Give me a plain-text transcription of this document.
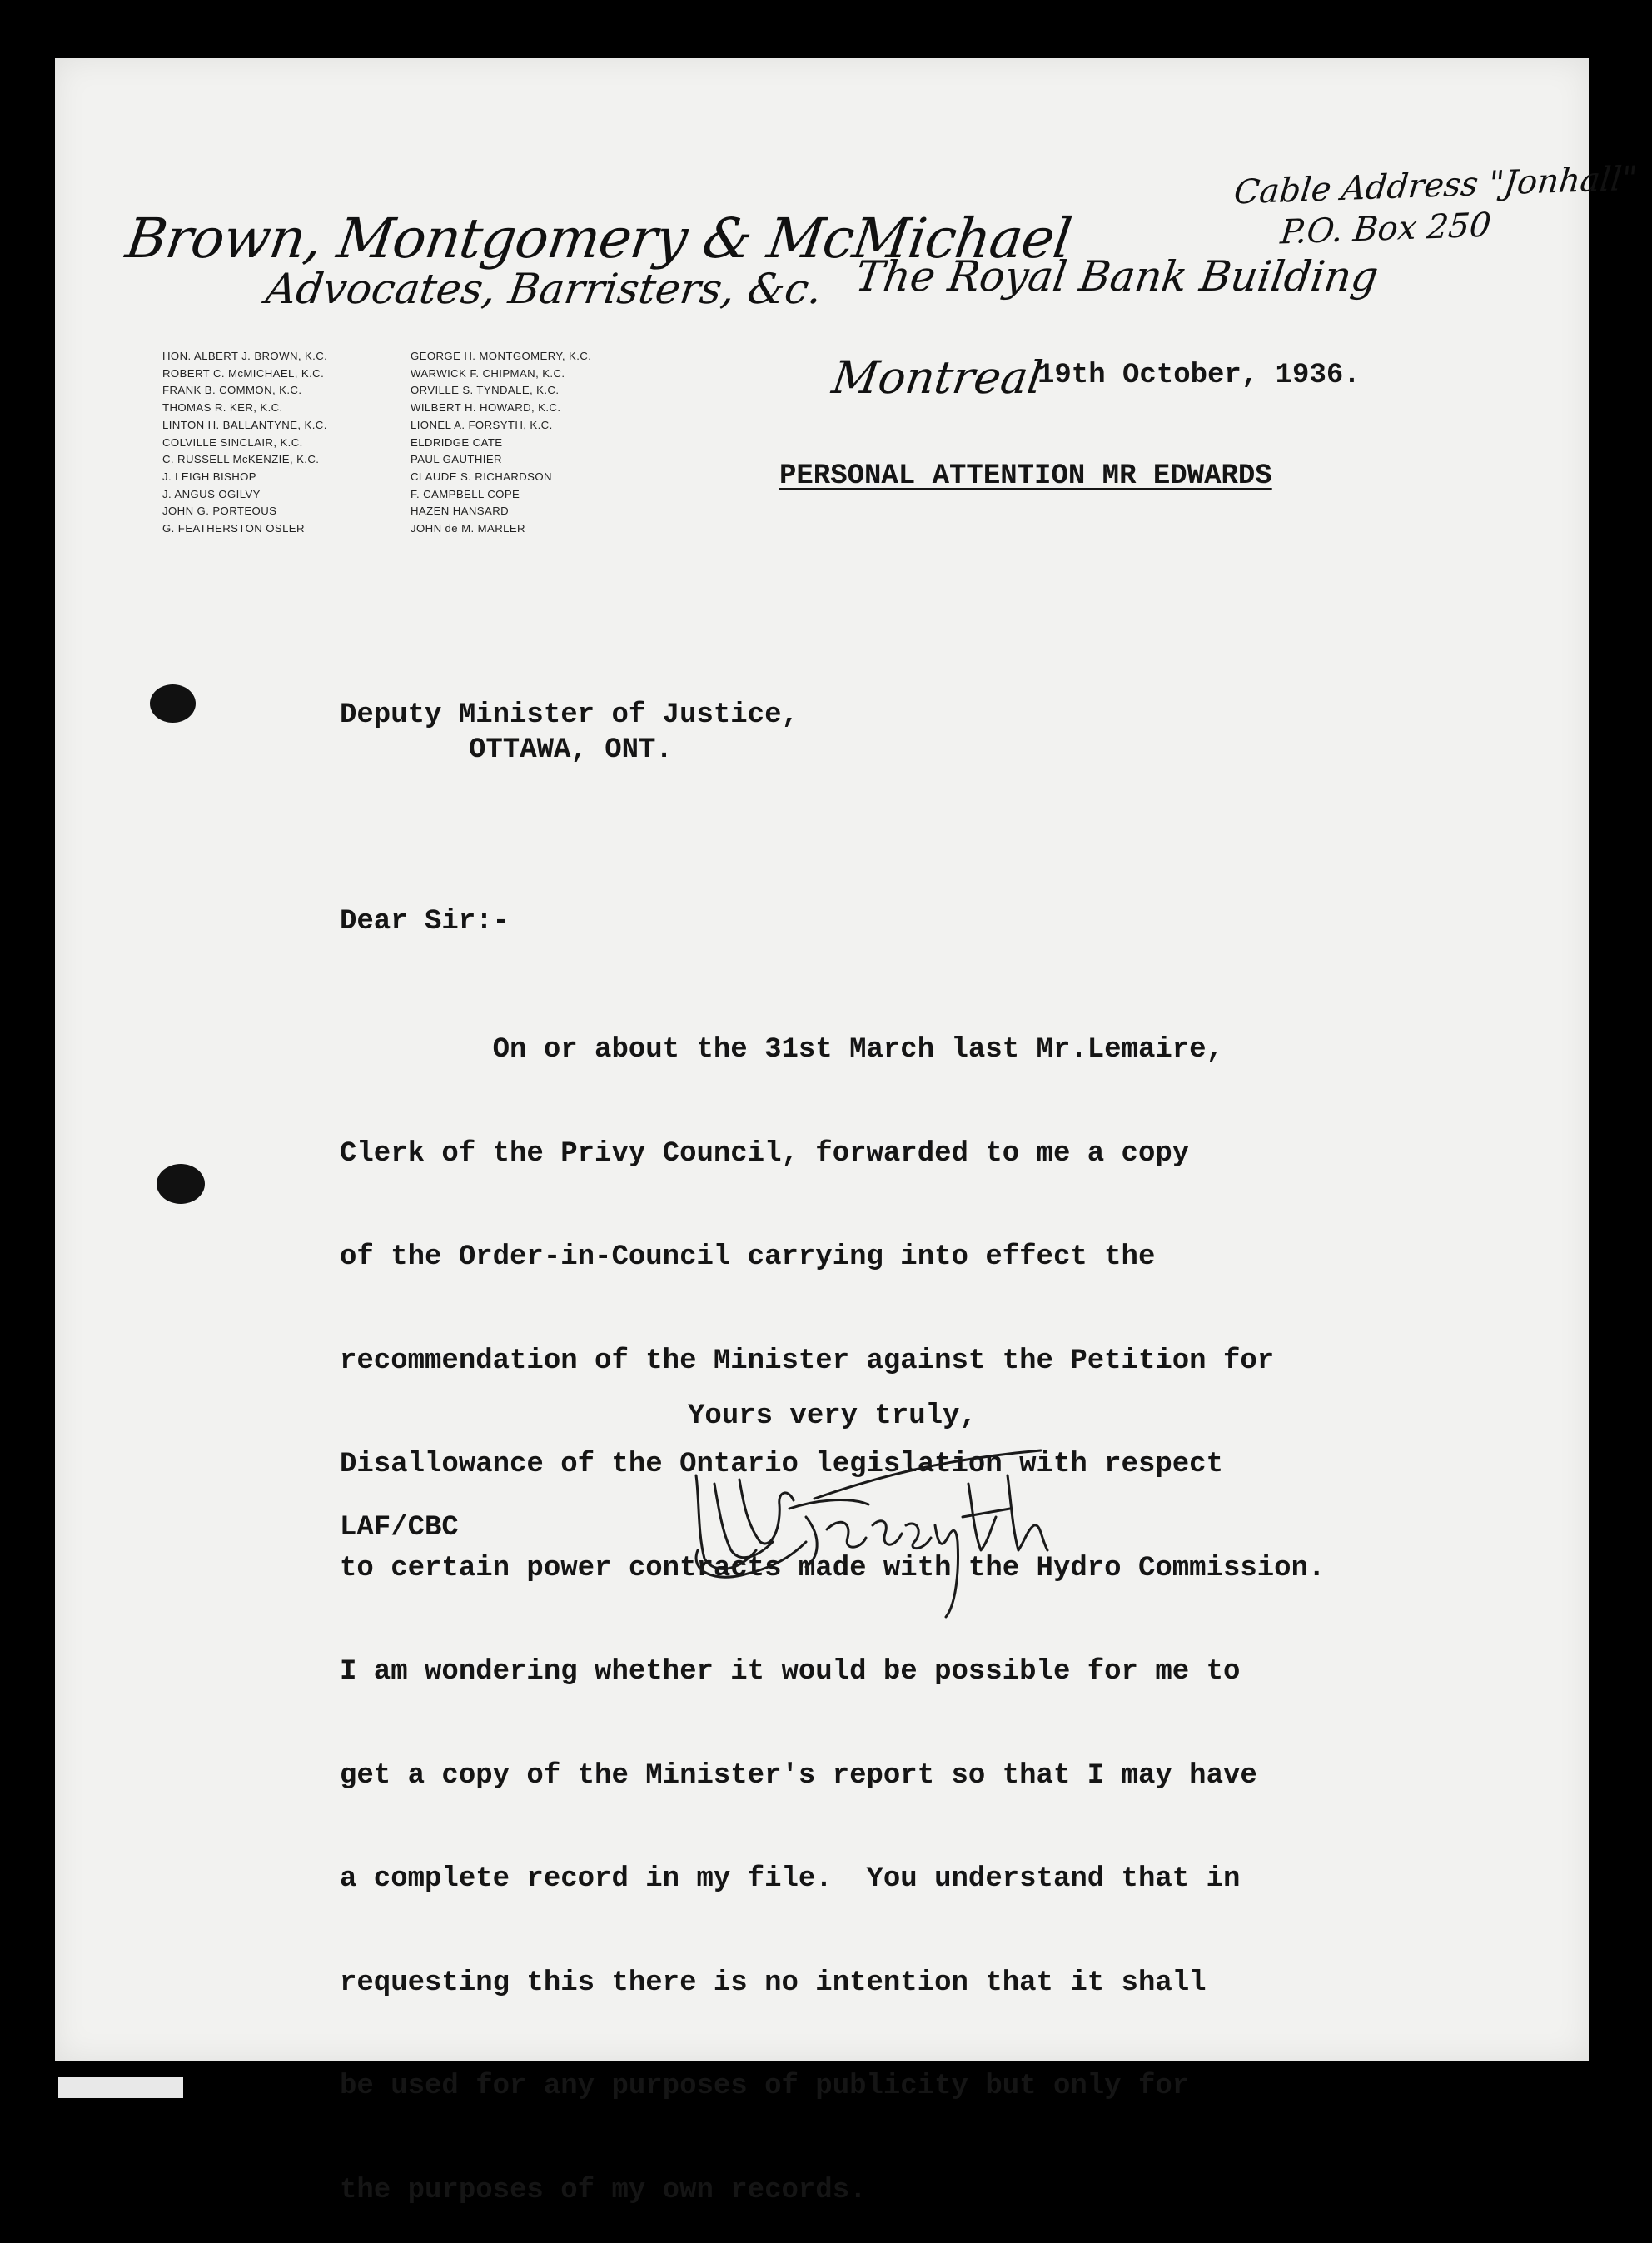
Brown, Montgomery & McMichael
Advocates, Barristers, &c. The Royal Bank Building
Cable Address "Jonhall"
P.O. Box 250
Montreal
HON. ALBERT J. BROWN, K.C.
ROBERT C. McMICHAEL, K.C.
FRANK B. COMMON, K.C.
THOMAS R. KER, K.C.
LINTON H. BALLANTYNE, K.C.
COLVILLE SINCLAIR, K.C.
C. RUSSELL McKENZIE, K.C.
J. LEIGH BISHOP
J. ANGUS OGILVY
JOHN G. PORTEOUS
G. FEATHERSTON OSLER
GEORGE H. MONTGOMERY, K.C.
WARWICK F. CHIPMAN, K.C.
ORVILLE S. TYNDALE, K.C.
WILBERT H. HOWARD, K.C.
LIONEL A. FORSYTH, K.C.
ELDRIDGE CATE
PAUL GAUTHIER
CLAUDE S. RICHARDSON
F. CAMPBELL COPE
HAZEN HANSARD
JOHN de M. MARLER
19th October, 1936.
PERSONAL ATTENTION MR EDWARDS
Deputy Minister of Justice,
OTTAWA, ONT.
Dear Sir:-

On or about the 31st March last Mr.Lemaire,

Clerk of the Privy Council, forwarded to me a copy

of the Order-in-Council carrying into effect the

recommendation of the Minister against the Petition for

Disallowance of the Ontario legislation with respect

to certain power contracts made with the Hydro Commission.

I am wondering whether it would be possible for me to

get a copy of the Minister's report so that I may have

a complete record in my file.  You understand that in

requesting this there is no intention that it shall

be used for any purposes of publicity but only for

the purposes of my own records.

Yours very truly,
LAF/CBC
